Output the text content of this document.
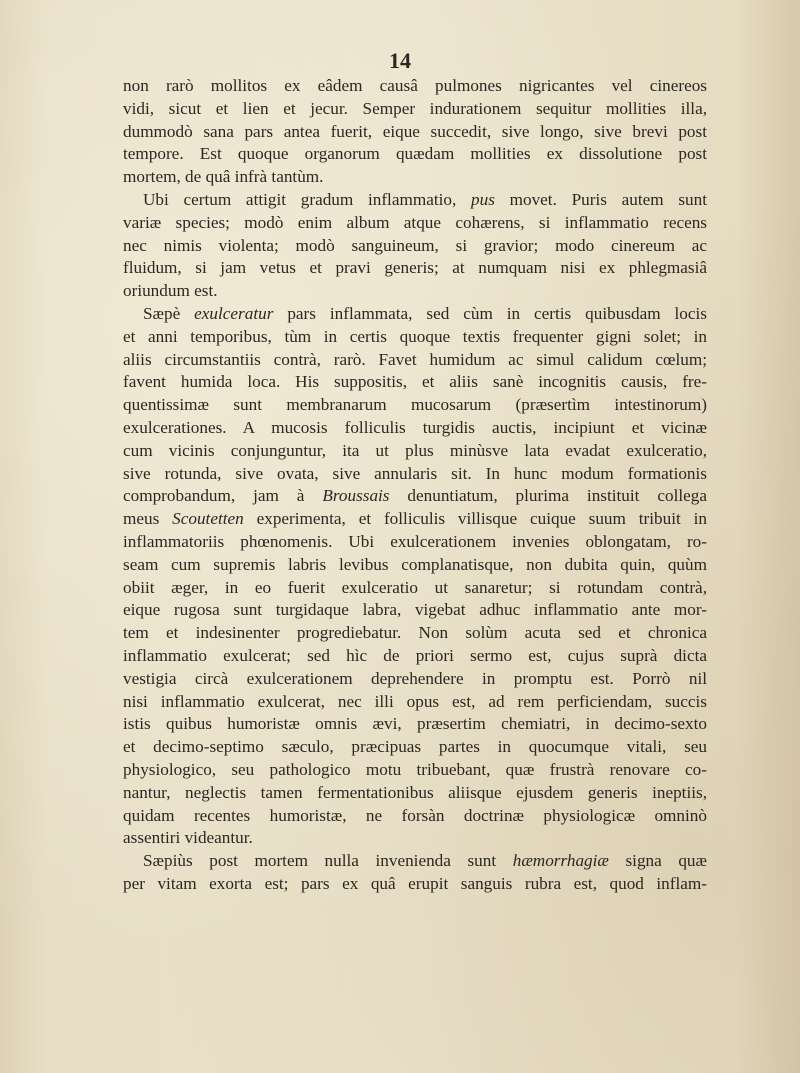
14
non rarò mollitos ex eâdem causâ pulmones nigricantes vel cinereos
vidi, sicut et lien et jecur. Semper indurationem sequitur mollities illa,
dummodò sana pars antea fuerit, eique succedit, sive longo, sive brevi post
tempore. Est quoque organorum quædam mollities ex dissolutione post
mortem, de quâ infrà tantùm.
Ubi certum attigit gradum inflammatio, pus movet. Puris autem sunt
variæ species; modò enim album atque cohærens, si inflammatio recens
nec nimis violenta; modò sanguineum, si gravior; modo cinereum ac
fluidum, si jam vetus et pravi generis; at numquam nisi ex phlegmasiâ
oriundum est.
Sæpè exulceratur pars inflammata, sed cùm in certis quibusdam locis
et anni temporibus, tùm in certis quoque textis frequenter gigni solet; in
aliis circumstantiis contrà, rarò. Favet humidum ac simul calidum cœlum;
favent humida loca. His suppositis, et aliis sanè incognitis causis, fre-
quentissimæ sunt membranarum mucosarum (præsertìm intestinorum)
exulcerationes. A mucosis folliculis turgidis auctis, incipiunt et vicinæ
cum vicinis conjunguntur, ita ut plus minùsve lata evadat exulceratio,
sive rotunda, sive ovata, sive annularis sit. In hunc modum formationis
comprobandum, jam à Broussais denuntiatum, plurima instituit collega
meus Scoutetten experimenta, et folliculis villisque cuique suum tribuit in
inflammatoriis phœnomenis. Ubi exulcerationem invenies oblongatam, ro-
seam cum supremis labris levibus complanatisque, non dubita quin, quùm
obiit æger, in eo fuerit exulceratio ut sanaretur; si rotundam contrà,
eique rugosa sunt turgidaque labra, vigebat adhuc inflammatio ante mor-
tem et indesinenter progrediebatur. Non solùm acuta sed et chronica
inflammatio exulcerat; sed hìc de priori sermo est, cujus suprà dicta
vestigia circà exulcerationem deprehendere in promptu est. Porrò nil
nisi inflammatio exulcerat, nec illi opus est, ad rem perficiendam, succis
istis quibus humoristæ omnis ævi, præsertim chemiatri, in decimo-sexto
et decimo-septimo sæculo, præcipuas partes in quocumque vitali, seu
physiologico, seu pathologico motu tribuebant, quæ frustrà renovare co-
nantur, neglectis tamen fermentationibus aliisque ejusdem generis ineptiis,
quidam recentes humoristæ, ne forsàn doctrinæ physiologicæ omninò
assentiri videantur.
Sæpiùs post mortem nulla invenienda sunt hæmorrhagiæ signa quæ
per vitam exorta est; pars ex quâ erupit sanguis rubra est, quod inflam-
